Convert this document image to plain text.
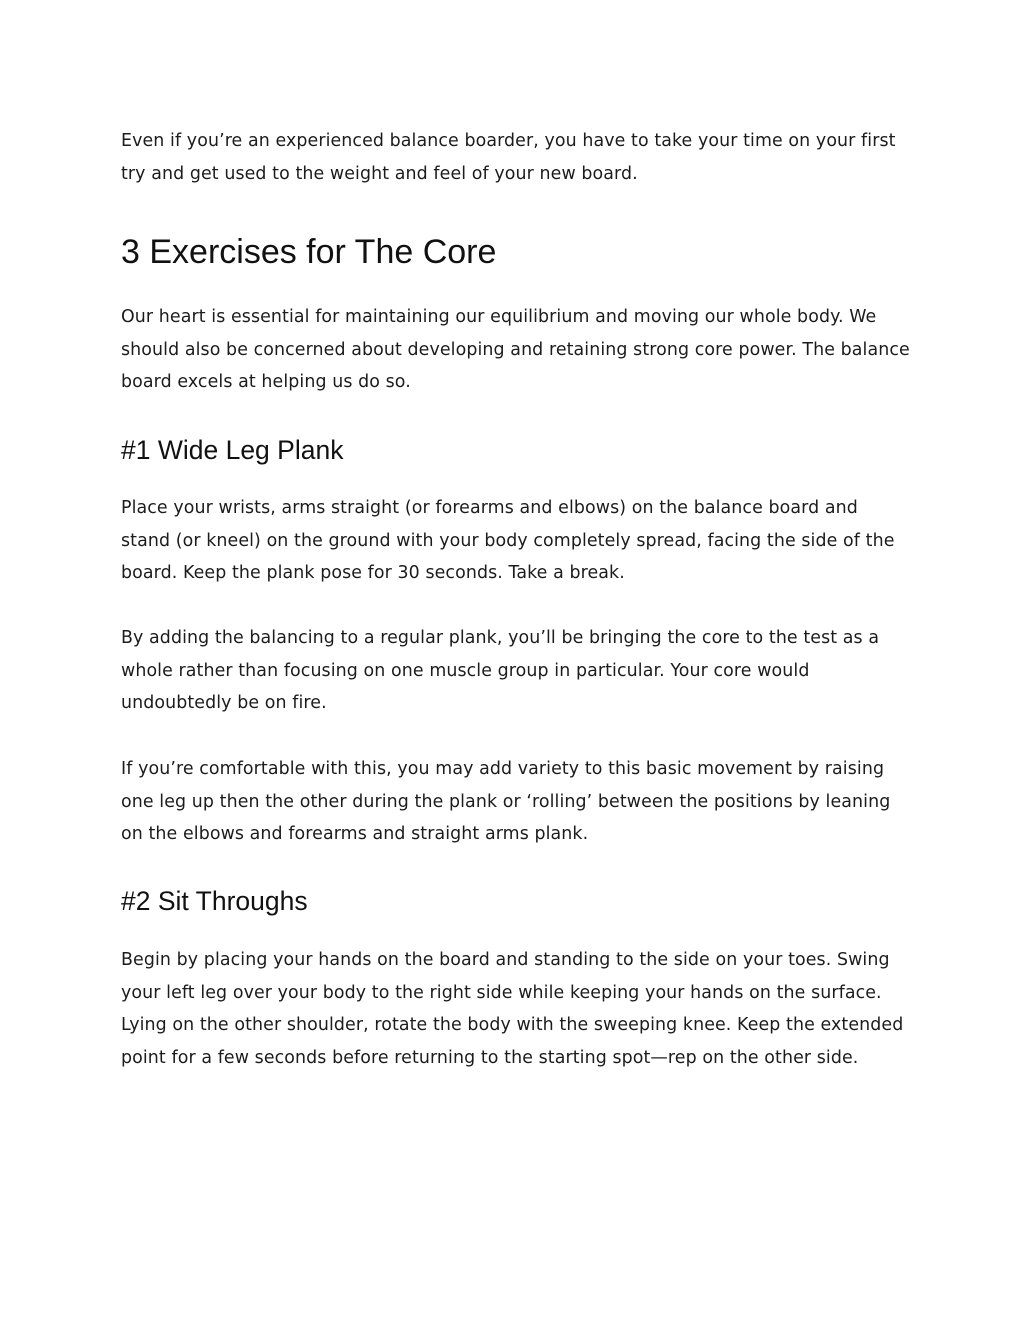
Even if you’re an experienced balance boarder, you have to take your time on your first try and get used to the weight and feel of your new board.

3 Exercises for The Core

Our heart is essential for maintaining our equilibrium and moving our whole body. We should also be concerned about developing and retaining strong core power. The balance board excels at helping us do so.

#1 Wide Leg Plank

Place your wrists, arms straight (or forearms and elbows) on the balance board and stand (or kneel) on the ground with your body completely spread, facing the side of the board. Keep the plank pose for 30 seconds. Take a break.

By adding the balancing to a regular plank, you’ll be bringing the core to the test as a whole rather than focusing on one muscle group in particular. Your core would undoubtedly be on fire.

If you’re comfortable with this, you may add variety to this basic movement by raising one leg up then the other during the plank or ‘rolling’ between the positions by leaning on the elbows and forearms and straight arms plank.

#2 Sit Throughs

Begin by placing your hands on the board and standing to the side on your toes. Swing your left leg over your body to the right side while keeping your hands on the surface. Lying on the other shoulder, rotate the body with the sweeping knee. Keep the extended point for a few seconds before returning to the starting spot—rep on the other side.
